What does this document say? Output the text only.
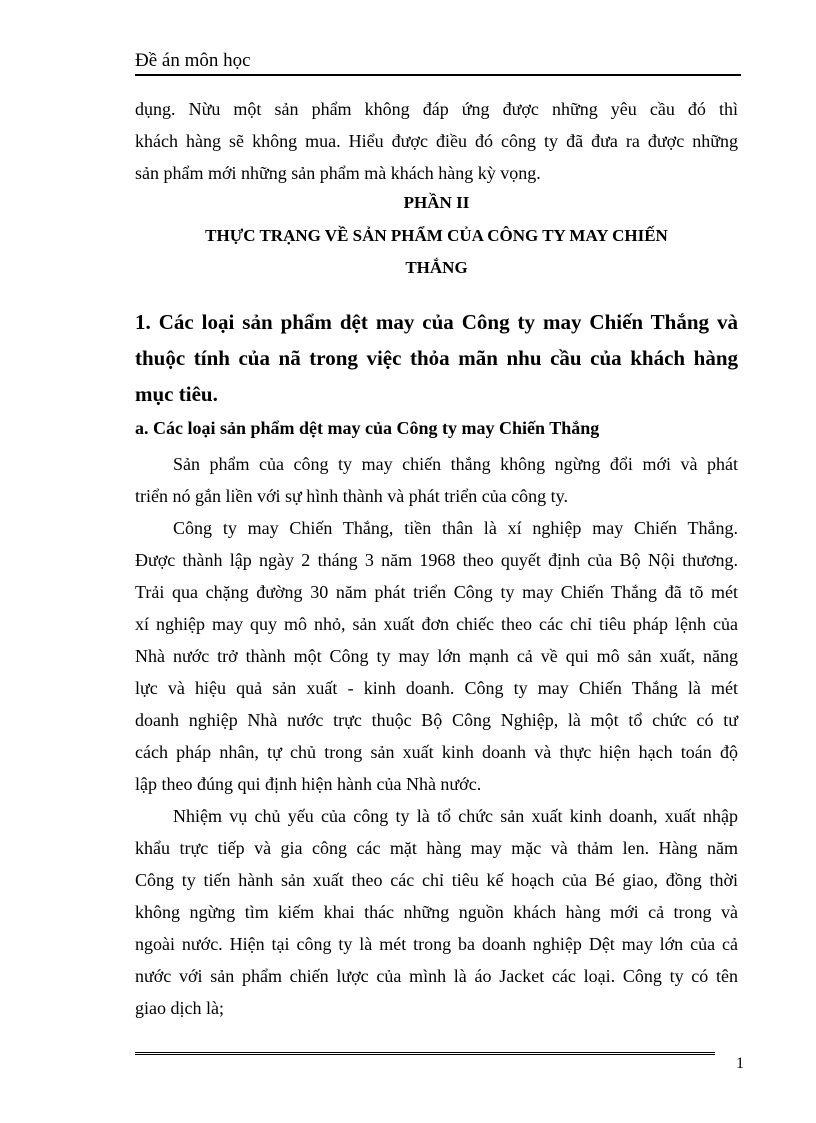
Đề án môn học
dụng. Nừu một sản phẩm không đáp ứng được những yêu cầu đó thì
khách hàng sẽ không mua. Hiểu được điều đó công ty đã đưa ra được những
sản phẩm mới những sản phẩm mà khách hàng kỳ vọng.
PHẦN II
THỰC TRẠNG VỀ SẢN PHẨM CỦA CÔNG TY MAY CHIẾN
THẮNG
1. Các loại sản phẩm dệt may của Công ty may Chiến Thắng và
thuộc tính của nã trong việc thỏa mãn nhu cầu của khách hàng
mục tiêu.
a. Các loại sản phẩm dệt may của Công ty may Chiến Thắng
Sản phẩm của công ty may chiến thắng không ngừng đổi mới và phát
triển nó gắn liền với sự hình thành và phát triển của công ty.
Công ty may Chiến Thắng, tiền thân là xí nghiệp may Chiến Thắng.
Được thành lập ngày 2 tháng 3 năm 1968 theo quyết định của Bộ Nội thương.
Trải qua chặng đường 30 năm phát triển Công ty may Chiến Thắng đã tõ mét
xí nghiệp may quy mô nhỏ, sản xuất đơn chiếc theo các chỉ tiêu pháp lệnh của
Nhà nước trở thành một Công ty may lớn mạnh cả về qui mô sản xuất, năng
lực và hiệu quả sản xuất - kinh doanh. Công ty may Chiến Thắng là mét
doanh nghiệp Nhà nước trực thuộc Bộ Công Nghiệp, là một tổ chức có tư
cách pháp nhân, tự chủ trong sản xuất kinh doanh và thực hiện hạch toán độ
lập theo đúng qui định hiện hành của Nhà nước.
Nhiệm vụ chủ yếu của công ty là tổ chức sản xuất kinh doanh, xuất nhập
khẩu trực tiếp và gia công các mặt hàng may mặc và thảm len. Hàng năm
Công ty tiến hành sản xuất theo các chỉ tiêu kế hoạch của Bé giao, đồng thời
không ngừng tìm kiếm khai thác những nguồn khách hàng mới cả trong và
ngoài nước. Hiện tại công ty là mét trong ba doanh nghiệp Dệt may lớn của cả
nước với sản phẩm chiến lược của mình là áo Jacket các loại. Công ty có tên
giao dịch là;
1
